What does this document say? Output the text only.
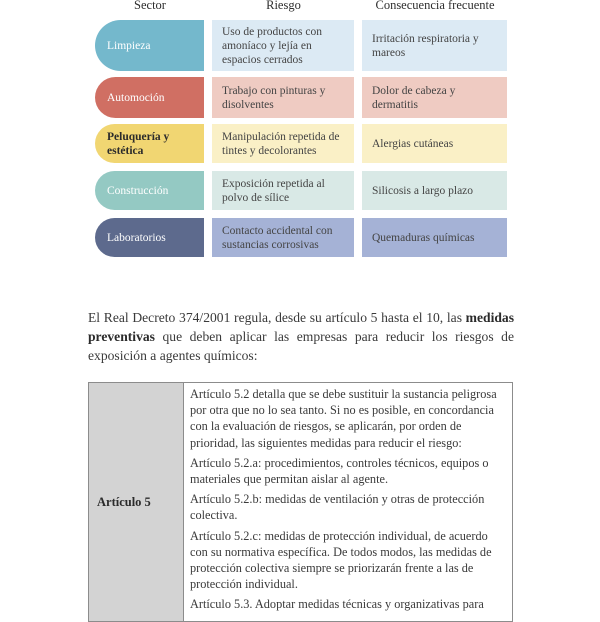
Sector	Riesgo	Consecuencia frecuente
Limpieza
Uso de productos con amoníaco y lejía en espacios cerrados
Irritación respiratoria y mareos
Automoción
Trabajo con pinturas y disolventes
Dolor de cabeza y dermatitis
Peluquería y estética
Manipulación repetida de tintes y decolorantes
Alergias cutáneas
Construcción
Exposición repetida al polvo de sílice
Silicosis a largo plazo
Laboratorios
Contacto accidental con sustancias corrosivas
Quemaduras químicas
El Real Decreto 374/2001 regula, desde su artículo 5 hasta el 10, las medidas preventivas que deben aplicar las empresas para reducir los riesgos de exposición a agentes químicos:
Artículo 5

Artículo 5.2 detalla que se debe sustituir la sustancia peligrosa por otra que no lo sea tanto. Si no es posible, en concordancia con la evaluación de riesgos, se aplicarán, por orden de prioridad, las siguientes medidas para reducir el riesgo:

Artículo 5.2.a: procedimientos, controles técnicos, equipos o materiales que permitan aislar al agente.

Artículo 5.2.b: medidas de ventilación y otras de protección colectiva.

Artículo 5.2.c: medidas de protección individual, de acuerdo con su normativa específica. De todos modos, las medidas de protección colectiva siempre se priorizarán frente a las de protección individual.

Artículo 5.3. Adoptar medidas técnicas y organizativas para
